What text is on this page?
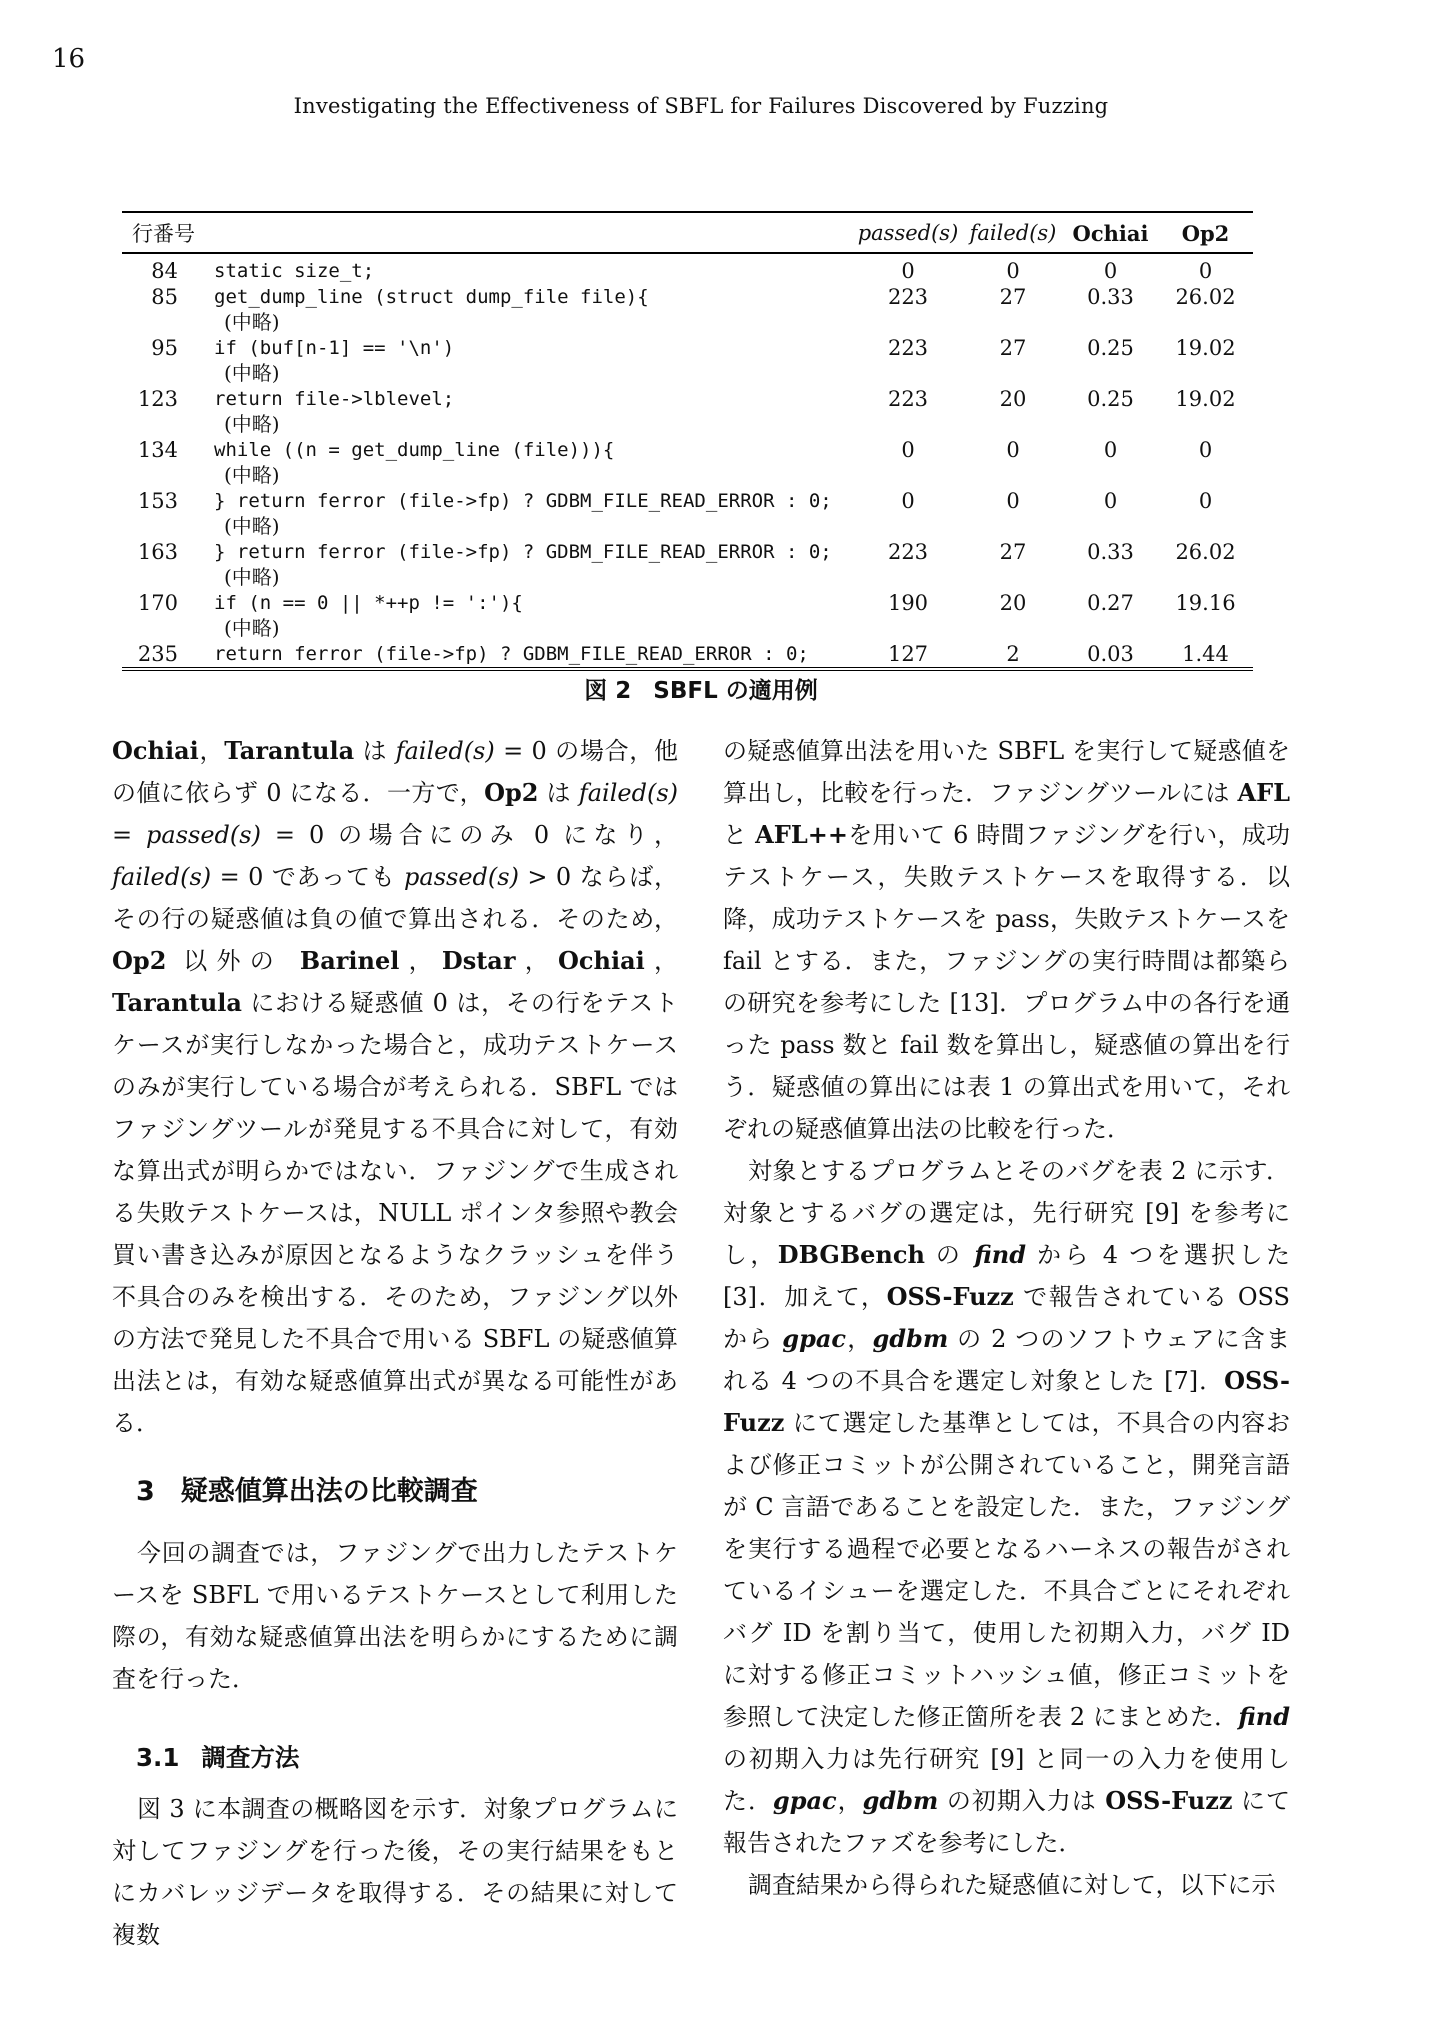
16
Investigating the Effectiveness of SBFL for Failures Discovered by Fuzzing
行番号		passed(s)	failed(s)	Ochiai	Op2
84	static size_t;	0	0	0	0
85	get_dump_line (struct dump_file file){	223	27	0.33	26.02
	(中略)				
95	if (buf[n-1] == '\n')	223	27	0.25	19.02
	(中略)				
123	return file->lblevel;	223	20	0.25	19.02
	(中略)				
134	while ((n = get_dump_line (file))){	0	0	0	0
	(中略)				
153	} return ferror (file->fp) ? GDBM_FILE_READ_ERROR : 0;	0	0	0	0
	(中略)				
163	} return ferror (file->fp) ? GDBM_FILE_READ_ERROR : 0;	223	27	0.33	26.02
	(中略)				
170	if (n == 0 || *++p != ':'){	190	20	0.27	19.16
	(中略)				
235	return ferror (file->fp) ? GDBM_FILE_READ_ERROR : 0;	127	2	0.03	1.44
図 2 SBFL の適用例

Ochiai，Tarantula は failed(s) = 0 の場合，他の値に依らず 0 になる．一方で，Op2 は failed(s) = passed(s) = 0 の場合にのみ 0 になり，failed(s) = 0 であっても passed(s) > 0 ならば，その行の疑惑値は負の値で算出される．そのため，Op2 以外の Barinel，Dstar，Ochiai，Tarantula における疑惑値 0 は，その行をテストケースが実行しなかった場合と，成功テストケースのみが実行している場合が考えられる．SBFL ではファジングツールが発見する不具合に対して，有効な算出式が明らかではない．ファジングで生成される失敗テストケースは，NULL ポインタ参照や教会買い書き込みが原因となるようなクラッシュを伴う不具合のみを検出する．そのため，ファジング以外の方法で発見した不具合で用いる SBFL の疑惑値算出法とは，有効な疑惑値算出式が異なる可能性がある．

3 疑惑値算出法の比較調査

今回の調査では，ファジングで出力したテストケースを SBFL で用いるテストケースとして利用した際の，有効な疑惑値算出法を明らかにするために調査を行った．

3.1 調査方法

図 3 に本調査の概略図を示す．対象プログラムに対してファジングを行った後，その実行結果をもとにカバレッジデータを取得する．その結果に対して複数

の疑惑値算出法を用いた SBFL を実行して疑惑値を算出し，比較を行った．ファジングツールには AFL と AFL++を用いて 6 時間ファジングを行い，成功テストケース，失敗テストケースを取得する．以降，成功テストケースを pass，失敗テストケースを fail とする．また，ファジングの実行時間は都築らの研究を参考にした [13]．プログラム中の各行を通った pass 数と fail 数を算出し，疑惑値の算出を行う．疑惑値の算出には表 1 の算出式を用いて，それぞれの疑惑値算出法の比較を行った．

対象とするプログラムとそのバグを表 2 に示す．対象とするバグの選定は，先行研究 [9] を参考にし，DBGBench の find から 4 つを選択した [3]．加えて，OSS-Fuzz で報告されている OSS から gpac，gdbm の 2 つのソフトウェアに含まれる 4 つの不具合を選定し対象とした [7]．OSS-Fuzz にて選定した基準としては，不具合の内容および修正コミットが公開されていること，開発言語が C 言語であることを設定した．また，ファジングを実行する過程で必要となるハーネスの報告がされているイシューを選定した．不具合ごとにそれぞれバグ ID を割り当て，使用した初期入力，バグ ID に対する修正コミットハッシュ値，修正コミットを参照して決定した修正箇所を表 2 にまとめた．find の初期入力は先行研究 [9] と同一の入力を使用した．gpac，gdbm の初期入力は OSS-Fuzz にて報告されたファズを参考にした．

調査結果から得られた疑惑値に対して，以下に示
